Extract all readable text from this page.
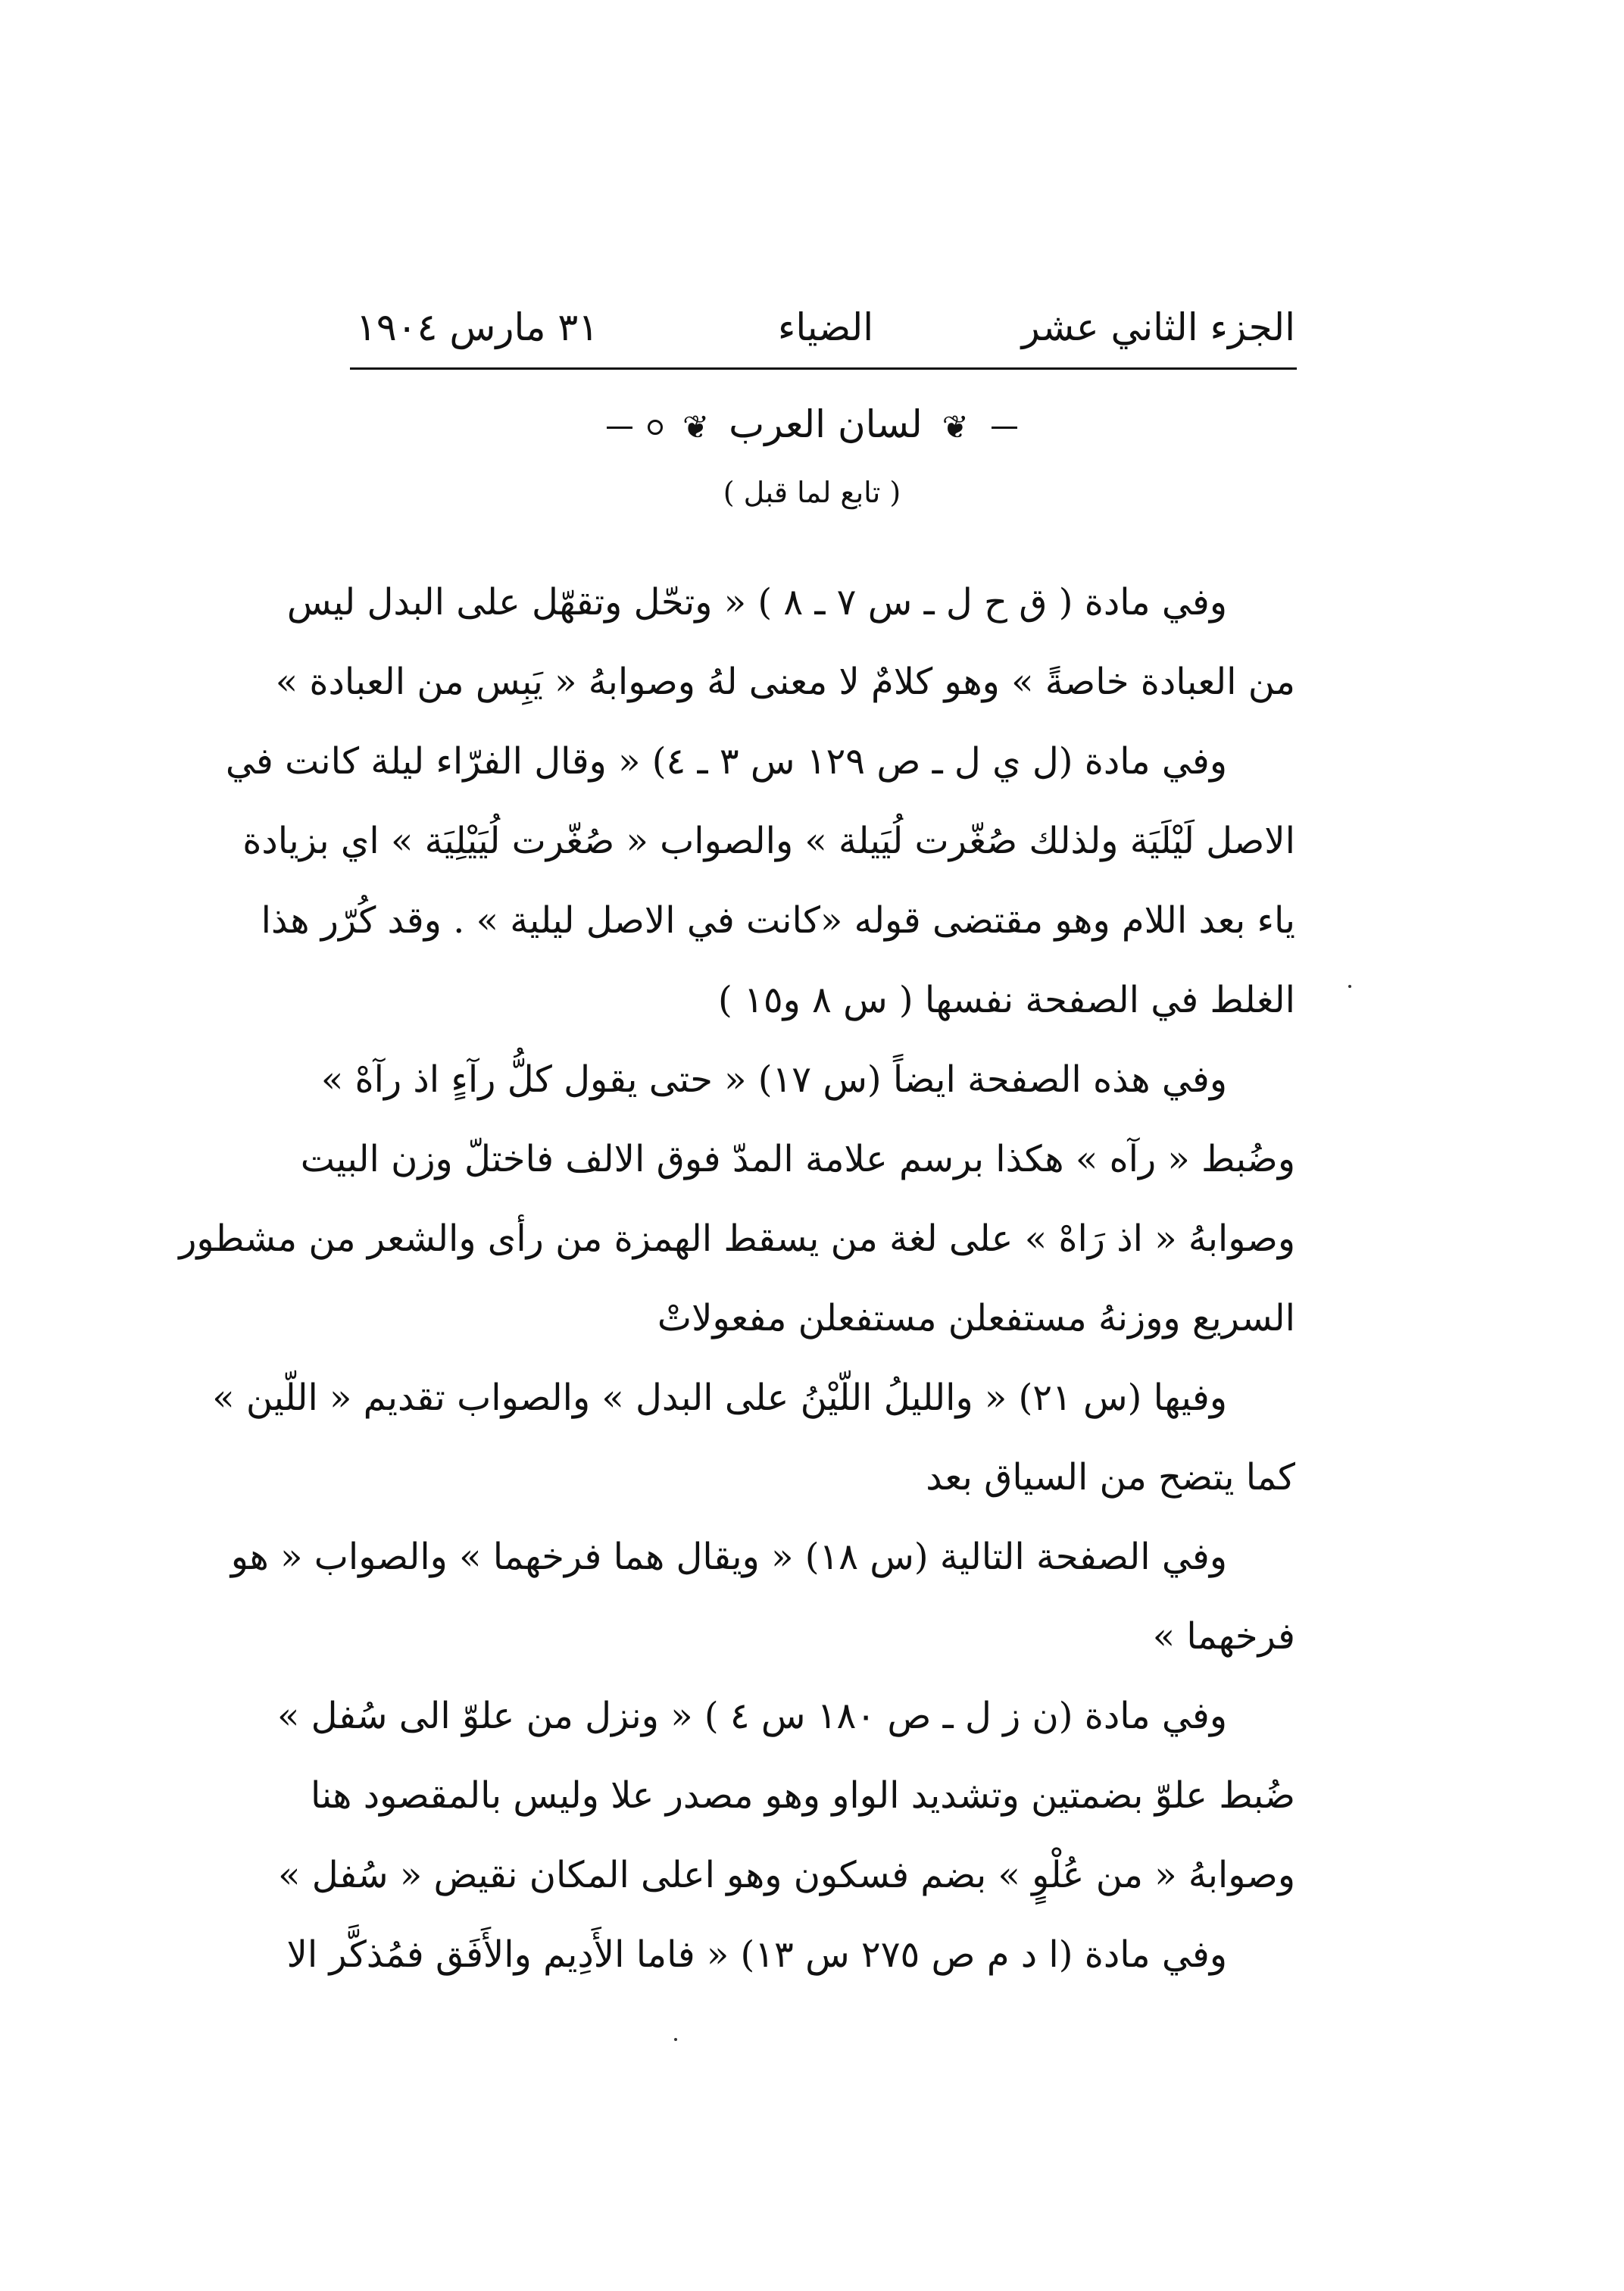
الجزء الثاني عشر
الضياء
٣١ مارس ١٩٠٤
❦ لسان العرب ❦
( تابع لما قبل )
وفي مادة ( ق ح ل ـ س ٧ ـ ٨ ) « وتحّل وتقهّل على البدل ليس
من العبادة خاصةً » وهو كلامٌ لا معنى لهُ وصوابهُ « يَبِس من العبادة »
وفي مادة (ل ي ل ـ ص ١٢٩ س ٣ ـ ٤) « وقال الفرّاء ليلة كانت في
الاصل لَيْلَيَة ولذلك صُغّرت لُيَيلة » والصواب « صُغّرت لُيَيْلِيَة » اي بزيادة
ياء بعد اللام وهو مقتضى قوله «كانت في الاصل ليلية » . وقد كُرّر هذا
الغلط في الصفحة نفسها ( س ٨ و١٥ )
وفي هذه الصفحة ايضاً (س ١٧) « حتى يقول كلُّ رآءٍ اذ رآهْ »
وضُبط « رآه » هكذا برسم علامة المدّ فوق الالف فاختلّ وزن البيت
وصوابهُ « اذ رَاهْ » على لغة من يسقط الهمزة من رأى والشعر من مشطور
السريع ووزنهُ مستفعلن مستفعلن مفعولاتْ
وفيها (س ٢١) « والليلُ اللّيْنُ على البدل » والصواب تقديم « اللّين »
كما يتضح من السياق بعد
وفي الصفحة التالية (س ١٨) « ويقال هما فرخهما » والصواب « هو
فرخهما »
وفي مادة (ن ز ل ـ ص ١٨٠ س ٤ ) « ونزل من علوّ الى سُفل »
ضُبط علوّ بضمتين وتشديد الواو وهو مصدر علا وليس بالمقصود هنا
وصوابهُ « من عُلْوٍ » بضم فسكون وهو اعلى المكان نقيض « سُفل »
وفي مادة (ا د م ص ٢٧٥ س ١٣) « فاما الأَدِيم والأَفَق فمُذكَّر الا
